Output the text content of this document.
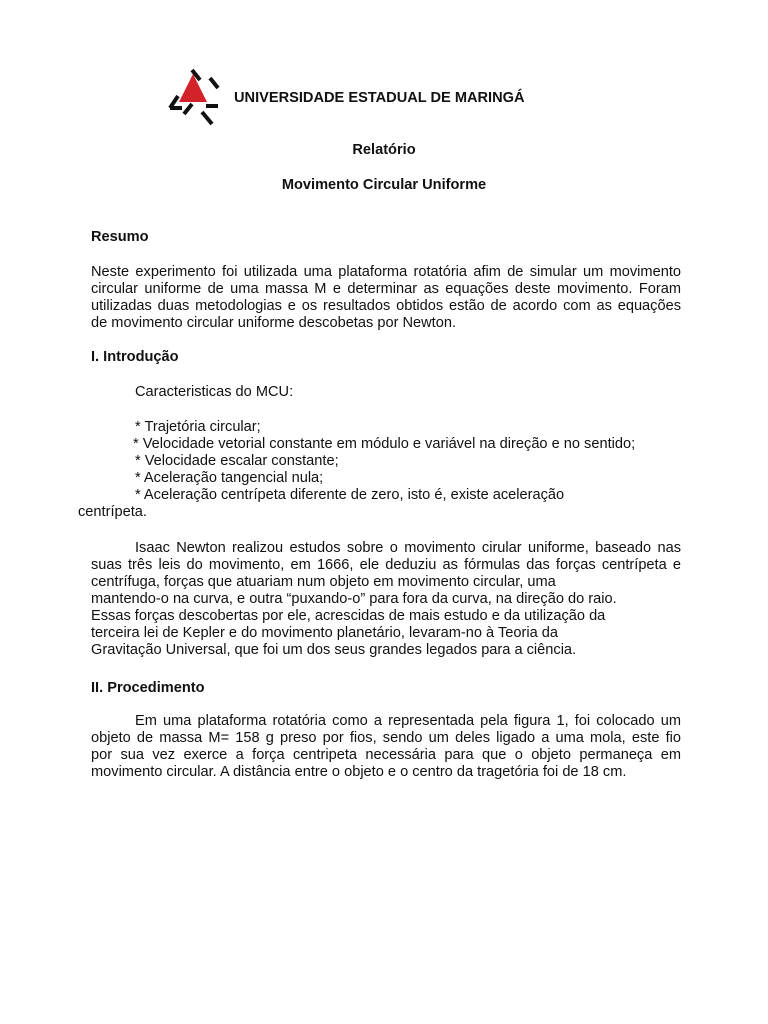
UNIVERSIDADE ESTADUAL DE MARINGÁ
Relatório
Movimento Circular Uniforme
Resumo
Neste experimento foi utilizada uma plataforma rotatória afim de simular um movimento
circular uniforme de uma massa M e determinar as equações deste movimento. Foram
utilizadas duas metodologias e os resultados obtidos estão de acordo com as equações
de movimento circular uniforme descobetas por Newton.
I. Introdução
Caracteristicas do MCU:
* Trajetória circular;
* Velocidade vetorial constante em módulo e variável na direção e no sentido;
* Velocidade escalar constante;
* Aceleração tangencial nula;
* Aceleração centrípeta diferente de zero, isto é, existe aceleração
centrípeta.
Isaac Newton realizou estudos sobre o movimento cirular uniforme, baseado nas
suas três leis do movimento, em 1666, ele deduziu as fórmulas das forças centrípeta e
centrífuga, forças que atuariam num objeto em movimento circular, uma
mantendo-o na curva, e outra “puxando-o” para fora da curva, na direção do raio.
Essas forças descobertas por ele, acrescidas de mais estudo e da utilização da
terceira lei de Kepler e do movimento planetário, levaram-no à Teoria da
Gravitação Universal, que foi um dos seus grandes legados para a ciência.
II. Procedimento
Em uma plataforma rotatória como a representada pela figura 1, foi colocado um
objeto de massa M= 158 g preso por fios, sendo um deles ligado a uma mola, este fio
por sua vez exerce a força centripeta necessária para que o objeto permaneça em
movimento circular. A distância entre o objeto e o centro da tragetória foi de 18 cm.
